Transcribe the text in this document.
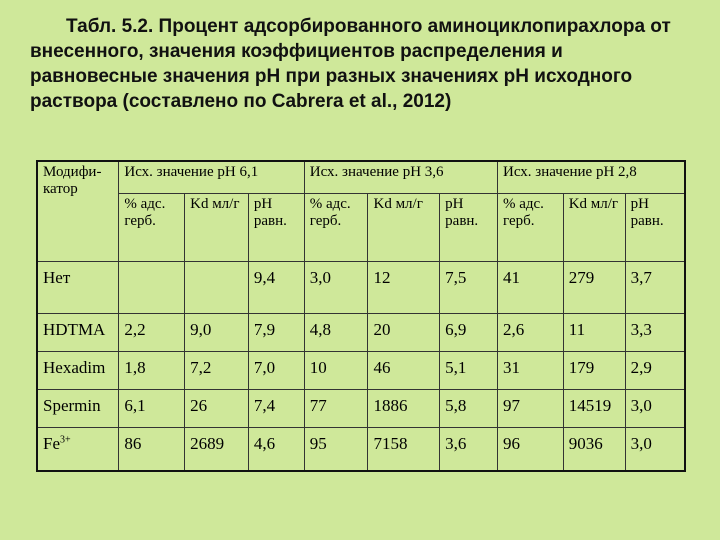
Табл. 5.2. Процент адсорбированного аминоциклопирахлора от внесенного, значения коэффициентов распределения и равновесные значения рН при разных значениях рН исходного раствора (составлено по Cabrera et al., 2012)

Модифи-катор	Исх. значение рН 6,1			Исх. значение рН 3,6			Исх. значение рН 2,8		
	% адс. герб.	Kd мл/г	рН равн.	% адс. герб.	Kd мл/г	рН равн.	% адс. герб.	Kd мл/г	рН равн.
Нет			9,4	3,0	12	7,5	41	279	3,7
HDTMA	2,2	9,0	7,9	4,8	20	6,9	2,6	11	3,3
Hexadim	1,8	7,2	7,0	10	46	5,1	31	179	2,9
Spermin	6,1	26	7,4	77	1886	5,8	97	14519	3,0
$Fe^{3+}$	86	2689	4,6	95	7158	3,6	96	9036	3,0
